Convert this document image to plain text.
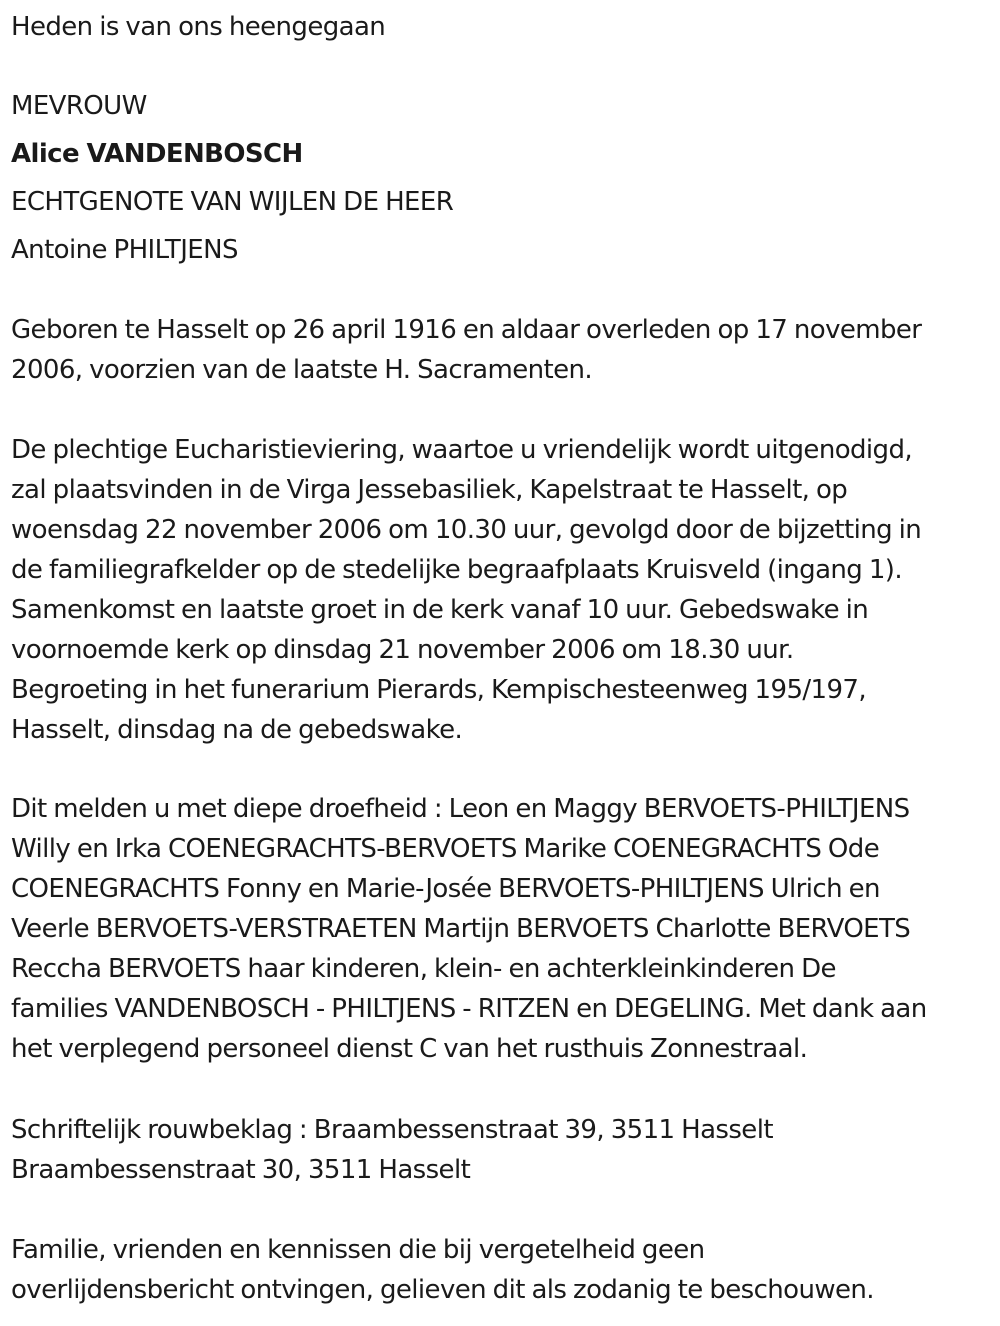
Heden is van ons heengegaan
MEVROUW
Alice VANDENBOSCH
ECHTGENOTE VAN WIJLEN DE HEER
Antoine PHILTJENS
Geboren te Hasselt op 26 april 1916 en aldaar overleden op 17 november
2006, voorzien van de laatste H. Sacramenten.
De plechtige Eucharistieviering, waartoe u vriendelijk wordt uitgenodigd,
zal plaatsvinden in de Virga Jessebasiliek, Kapelstraat te Hasselt, op
woensdag 22 november 2006 om 10.30 uur, gevolgd door de bijzetting in
de familiegrafkelder op de stedelijke begraafplaats Kruisveld (ingang 1).
Samenkomst en laatste groet in de kerk vanaf 10 uur. Gebedswake in
voornoemde kerk op dinsdag 21 november 2006 om 18.30 uur.
Begroeting in het funerarium Pierards, Kempischesteenweg 195/197,
Hasselt, dinsdag na de gebedswake.
Dit melden u met diepe droefheid : Leon en Maggy BERVOETS-PHILTJENS
Willy en Irka COENEGRACHTS-BERVOETS Marike COENEGRACHTS Ode
COENEGRACHTS Fonny en Marie-Josée BERVOETS-PHILTJENS Ulrich en
Veerle BERVOETS-VERSTRAETEN Martijn BERVOETS Charlotte BERVOETS
Reccha BERVOETS haar kinderen, klein- en achterkleinkinderen De
families VANDENBOSCH - PHILTJENS - RITZEN en DEGELING. Met dank aan
het verplegend personeel dienst C van het rusthuis Zonnestraal.
Schriftelijk rouwbeklag : Braambessenstraat 39, 3511 Hasselt
Braambessenstraat 30, 3511 Hasselt
Familie, vrienden en kennissen die bij vergetelheid geen
overlijdensbericht ontvingen, gelieven dit als zodanig te beschouwen.
